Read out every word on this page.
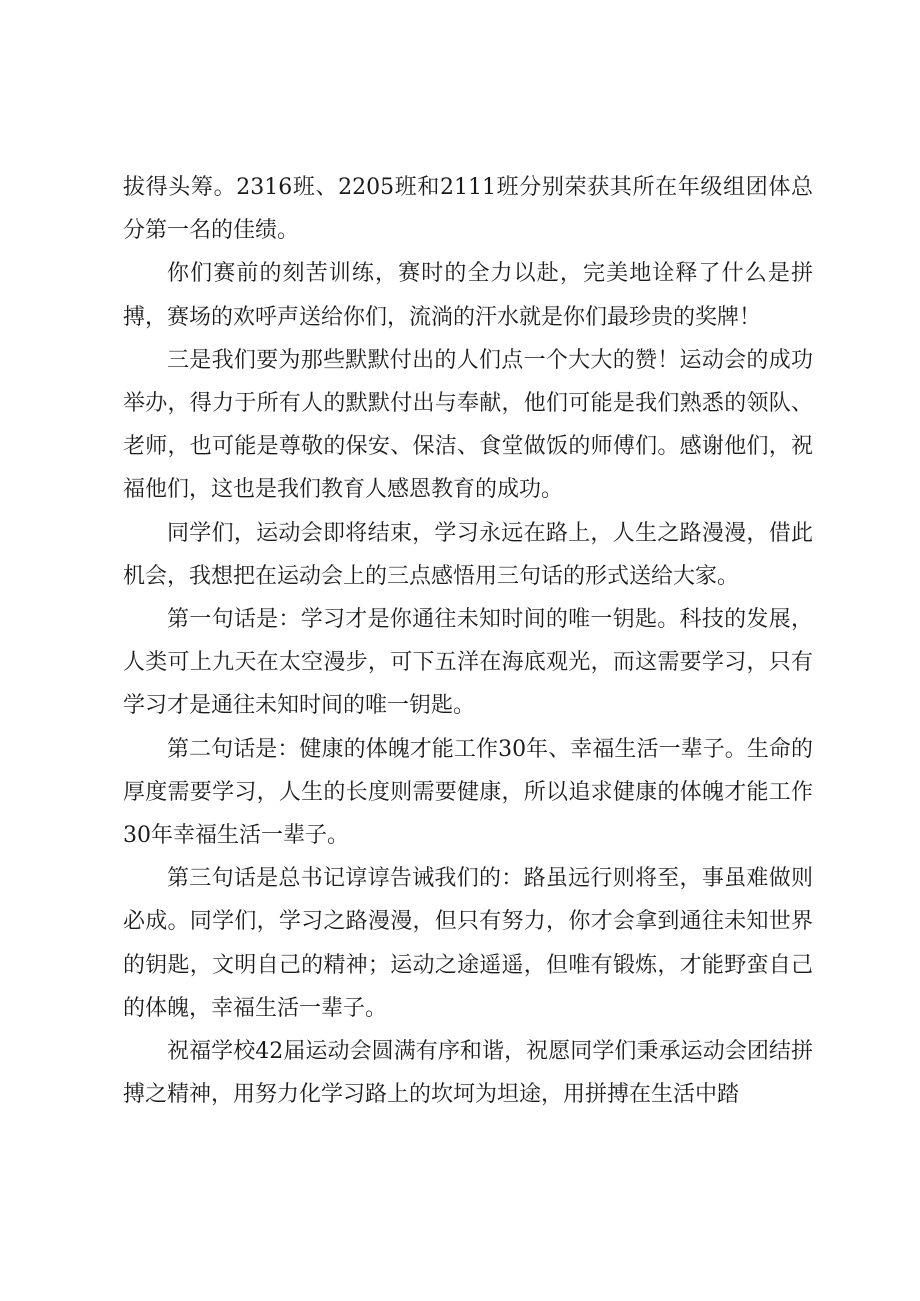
拔得头筹。2316班、2205班和2111班分别荣获其所在年级组团体总分第一名的佳绩。

你们赛前的刻苦训练，赛时的全力以赴，完美地诠释了什么是拼搏，赛场的欢呼声送给你们，流淌的汗水就是你们最珍贵的奖牌！

三是我们要为那些默默付出的人们点一个大大的赞！运动会的成功举办，得力于所有人的默默付出与奉献，他们可能是我们熟悉的领队、老师，也可能是尊敬的保安、保洁、食堂做饭的师傅们。感谢他们，祝福他们，这也是我们教育人感恩教育的成功。

同学们，运动会即将结束，学习永远在路上，人生之路漫漫，借此机会，我想把在运动会上的三点感悟用三句话的形式送给大家。

第一句话是：学习才是你通往未知时间的唯一钥匙。科技的发展，人类可上九天在太空漫步，可下五洋在海底观光，而这需要学习，只有学习才是通往未知时间的唯一钥匙。

第二句话是：健康的体魄才能工作30年、幸福生活一辈子。生命的厚度需要学习，人生的长度则需要健康，所以追求健康的体魄才能工作30年幸福生活一辈子。

第三句话是总书记谆谆告诫我们的：路虽远行则将至，事虽难做则必成。同学们，学习之路漫漫，但只有努力，你才会拿到通往未知世界的钥匙，文明自己的精神；运动之途遥遥，但唯有锻炼，才能野蛮自己的体魄，幸福生活一辈子。

祝福学校42届运动会圆满有序和谐，祝愿同学们秉承运动会团结拼搏之精神，用努力化学习路上的坎坷为坦途，用拼搏在生活中踏
